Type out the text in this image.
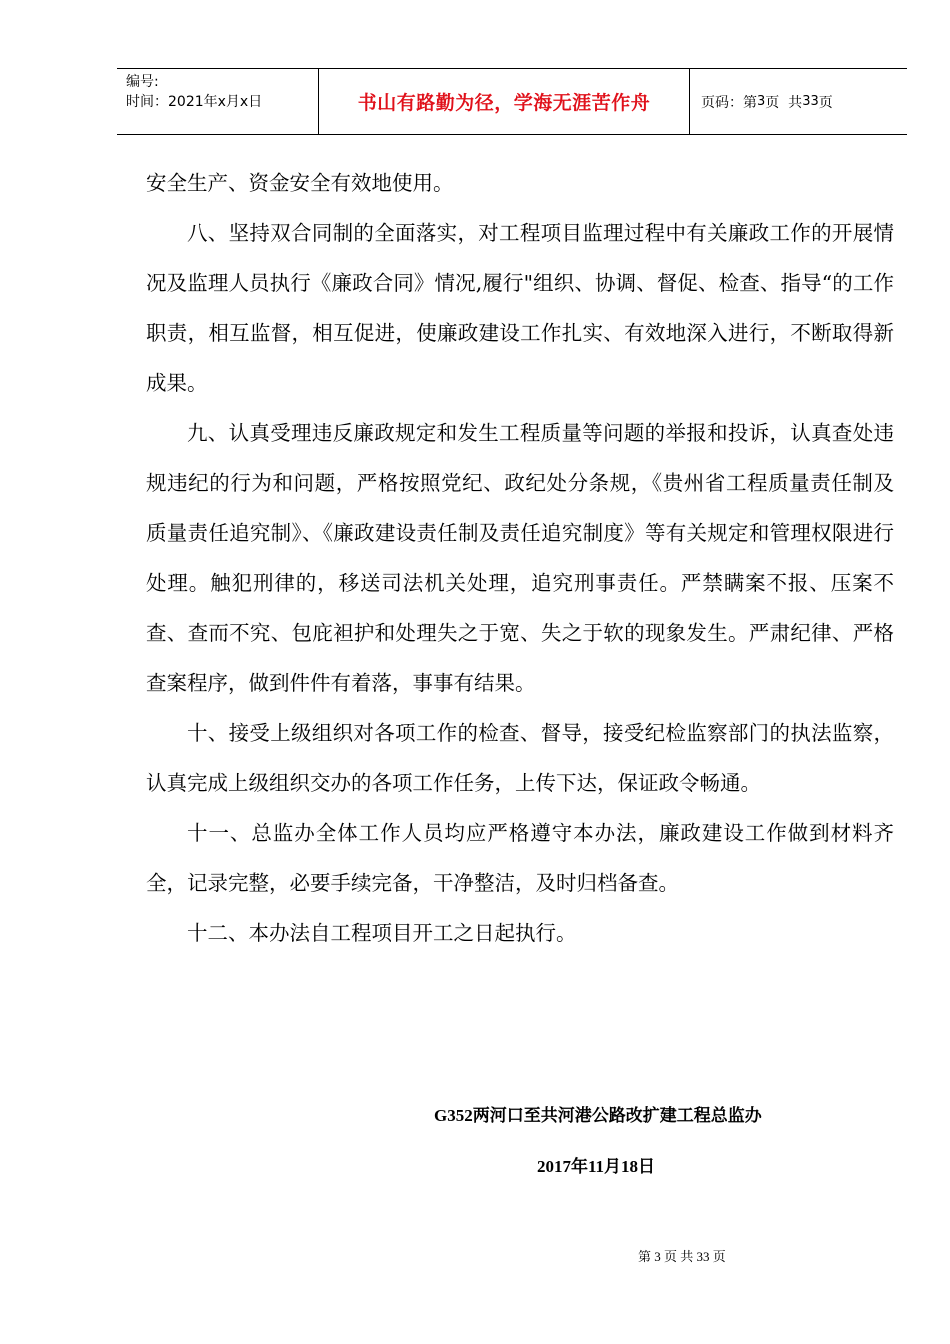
编号:
时间：2021年x月x日	书山有路勤为径，学海无涯苦作舟	页码：第 3 页  共 33 页

安全生产、资金安全有效地使用。

八、坚持双合同制的全面落实，对工程项目监理过程中有关廉政工作的开展情况及监理人员执行《廉政合同》情况,履行"组织、协调、督促、检查、指导“的工作职责，相互监督，相互促进，使廉政建设工作扎实、有效地深入进行，不断取得新成果。

九、认真受理违反廉政规定和发生工程质量等问题的举报和投诉，认真查处违规违纪的行为和问题，严格按照党纪、政纪处分条规，《贵州省工程质量责任制及质量责任追究制》、《廉政建设责任制及责任追究制度》等有关规定和管理权限进行处理。触犯刑律的，移送司法机关处理，追究刑事责任。严禁瞒案不报、压案不查、查而不究、包庇袒护和处理失之于宽、失之于软的现象发生。严肃纪律、严格查案程序，做到件件有着落，事事有结果。

十、接受上级组织对各项工作的检查、督导，接受纪检监察部门的执法监察，认真完成上级组织交办的各项工作任务，上传下达，保证政令畅通。

十一、总监办全体工作人员均应严格遵守本办法，廉政建设工作做到材料齐全，记录完整，必要手续完备，干净整洁，及时归档备查。

十二、本办法自工程项目开工之日起执行。

G352两河口至共河港公路改扩建工程总监办
2017年11月18日
第 3 页 共 33 页
